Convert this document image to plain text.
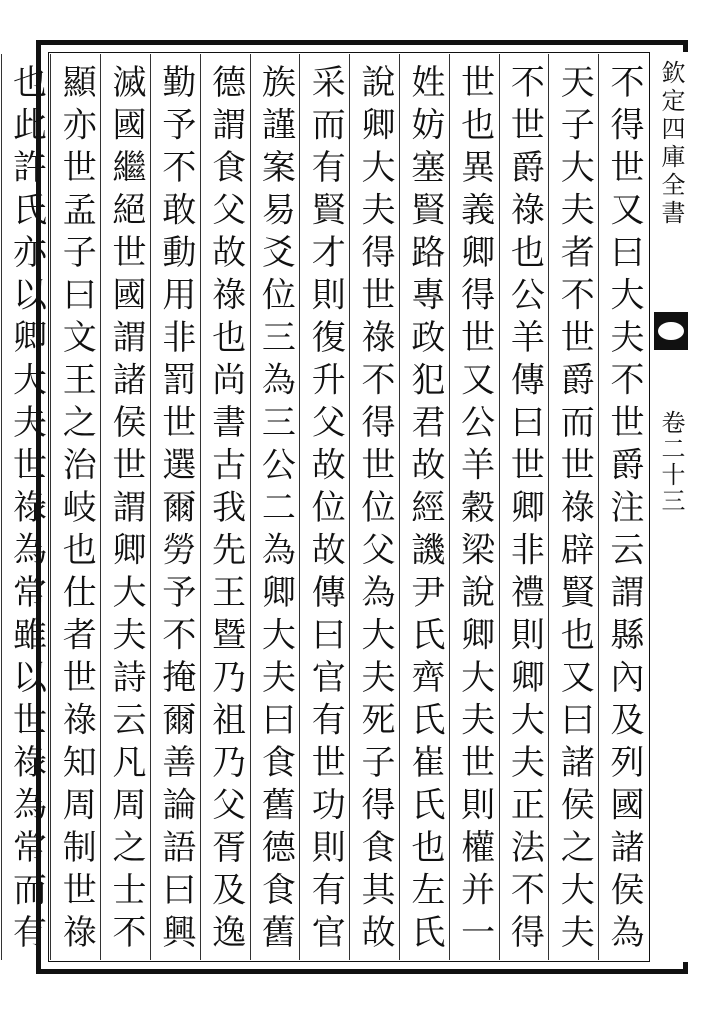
欽定四庫全書
卷二十三
不得世又曰大夫不世爵注云謂縣內及列國諸侯為
天子大夫者不世爵而世祿辟賢也又曰諸侯之大夫
不世爵祿也公羊傳曰世卿非禮則卿大夫正法不得
世也異義卿得世又公羊穀梁說卿大夫世則權并一
姓妨塞賢路專政犯君故經譏尹氏齊氏崔氏也左氏
說卿大夫得世祿不得世位父為大夫死子得食其故
采而有賢才則復升父故位故傳曰官有世功則有官
族謹案易爻位三為三公二為卿大夫曰食舊德食舊
德謂食父故祿也尚書古我先王暨乃祖乃父胥及逸
勤予不敢動用非罰世選爾勞予不掩爾善論語曰興
滅國繼絕世國謂諸侯世謂卿大夫詩云凡周之士不
顯亦世孟子曰文王之治岐也仕者世祿知周制世祿
也此許氏亦以卿大夫世祿為常雖以世祿為常而有
